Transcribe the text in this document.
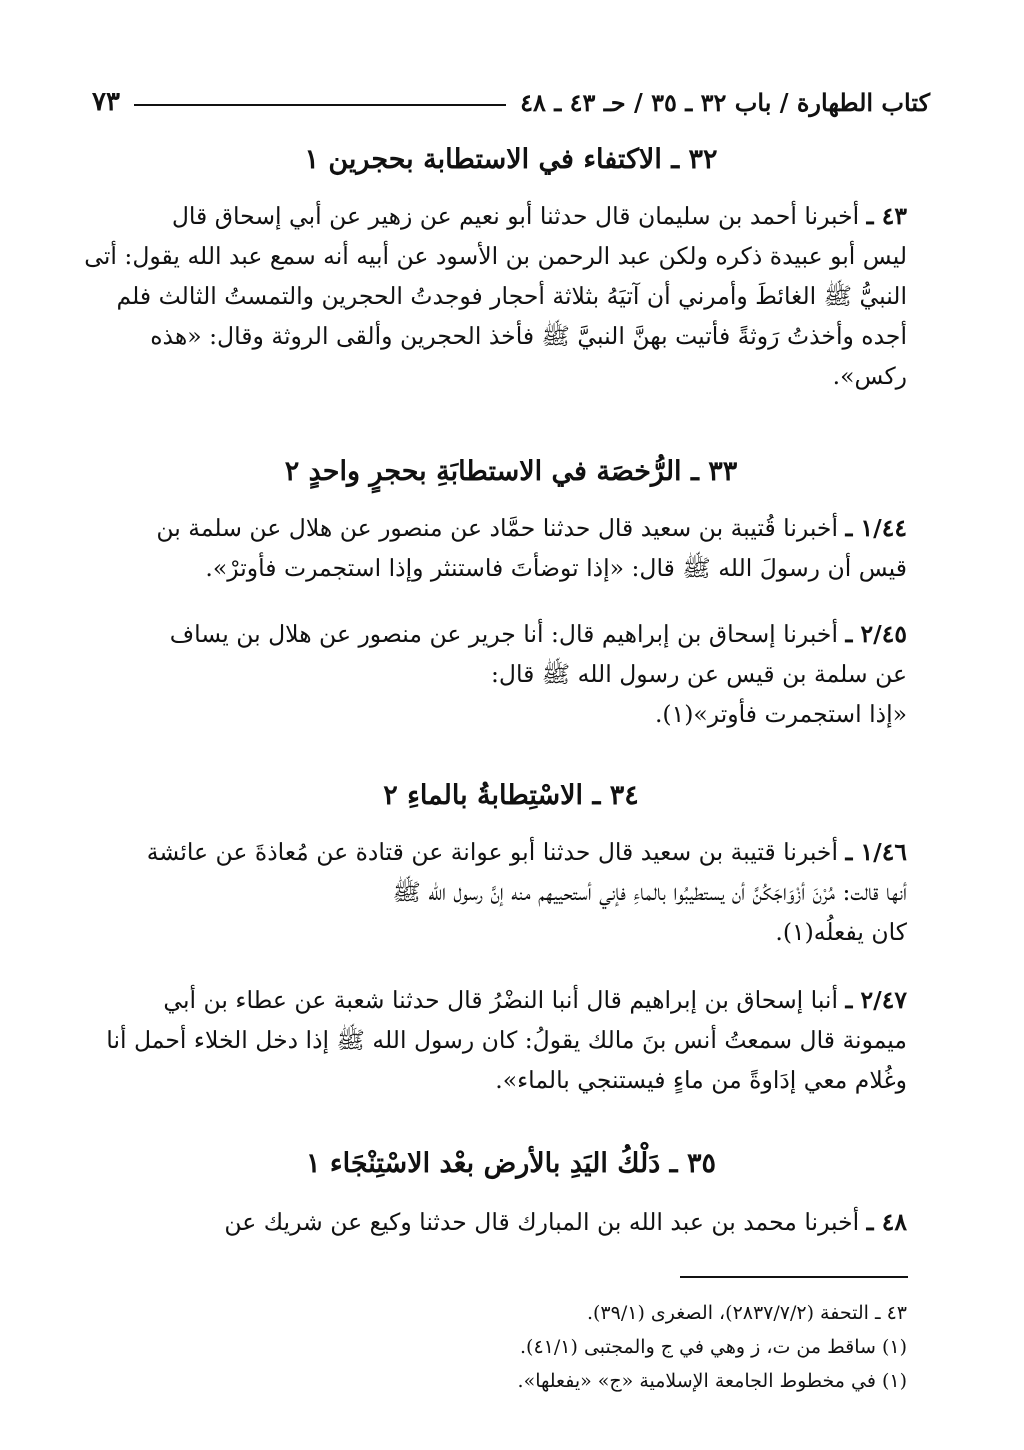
كتاب الطهارة / باب ٣٢ ـ ٣٥ / حـ ٤٣ ـ ٤٨
٧٣
٣٢ ـ الاكتفاء في الاستطابة بحجرين ١
٤٣ ـ أخبرنا أحمد بن سليمان قال حدثنا أبو نعيم عن زهير عن أبي إسحاق قال
ليس أبو عبيدة ذكره ولكن عبد الرحمن بن الأسود عن أبيه أنه سمع عبد الله يقول: أتى
النبيُّ ﷺ الغائطَ وأمرني أن آتيَهُ بثلاثة أحجار فوجدتُ الحجرين والتمستُ الثالث فلم
أجده وأخذتُ رَوثةً فأتيت بهنَّ النبيَّ ﷺ فأخذ الحجرين وألقى الروثة وقال: «هذه
ركس».
٣٣ ـ الرُّخصَة في الاستطابَةِ بحجرٍ واحدٍ ٢
١/٤٤ ـ أخبرنا قُتيبة بن سعيد قال حدثنا حمَّاد عن منصور عن هلال عن سلمة بن
قيس أن رسولَ الله ﷺ قال: «إذا توضأتَ فاستنثر وإذا استجمرت فأوترْ».
٢/٤٥ ـ أخبرنا إسحاق بن إبراهيم قال: أنا جرير عن منصور عن هلال بن يساف
عن سلمة بن قيس عن رسول الله ﷺ قال:
«إذا استجمرت فأوتر»(١).
٣٤ ـ الاسْتِطابةُ بالماءِ ٢
١/٤٦ ـ أخبرنا قتيبة بن سعيد قال حدثنا أبو عوانة عن قتادة عن مُعاذةَ عن عائشة
أنها قالت: مُرْنَ أزْوَاجَكُنَّ أن يستطيبُوا بالماءِ فإني أستحييهم منه إنَّ رسول الله ﷺ
كان يفعلُه(١).
٢/٤٧ ـ أنبا إسحاق بن إبراهيم قال أنبا النضْرُ قال حدثنا شعبة عن عطاء بن أبي
ميمونة قال سمعتُ أنس بنَ مالك يقولُ: كان رسول الله ﷺ إذا دخل الخلاء أحمل أنا
وغُلام معي إدَاوةً من ماءٍ فيستنجي بالماء».
٣٥ ـ دَلْكُ اليَدِ بالأرض بعْد الاسْتِنْجَاء ١
٤٨ ـ أخبرنا محمد بن عبد الله بن المبارك قال حدثنا وكيع عن شريك عن
٤٣ ـ التحفة (٢٨٣٧/٧/٢)، الصغرى (٣٩/١).
(١) ساقط من ت، ز وهي في ج والمجتبى (٤١/١).
(١) في مخطوط الجامعة الإسلامية «ج» «يفعلها».
